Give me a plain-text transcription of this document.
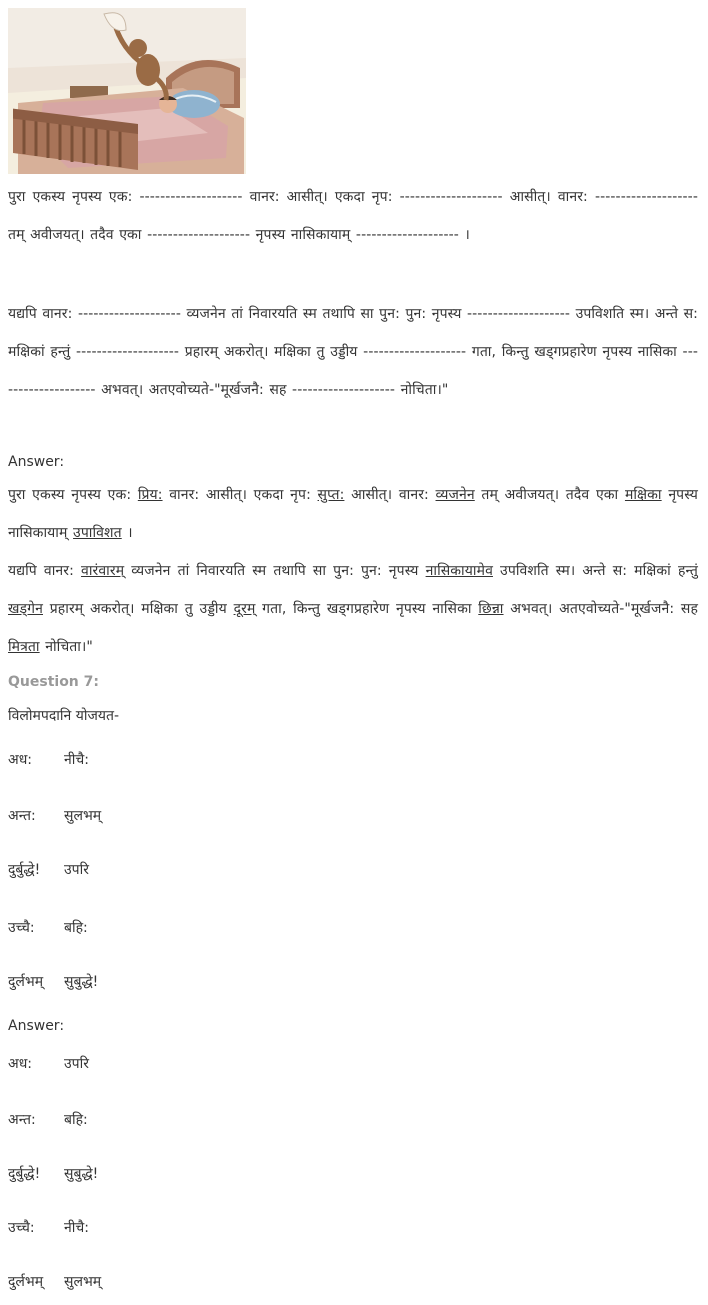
पुरा एकस्य नृपस्य एक: -------------------- वानर: आसीत्। एकदा नृप: -------------------- आसीत्। वानर: -------------------- तम् अवीजयत्। तदैव एका -------------------- नृपस्य नासिकायाम् -------------------- ।
यद्यपि वानर: -------------------- व्यजनेन तां निवारयति स्म तथापि सा पुन: पुन: नृपस्य -------------------- उपविशति स्म। अन्ते स: मक्षिकां हन्तुं -------------------- प्रहारम् अकरोत्। मक्षिका तु उड्डीय -------------------- गता, किन्तु खड्गप्रहारेण नृपस्य नासिका -------------------- अभवत्। अतएवोच्यते-"मूर्खजनै: सह -------------------- नोचिता।"
Answer:
पुरा एकस्य नृपस्य एक: प्रिय: वानर: आसीत्। एकदा नृप: सुप्त: आसीत्। वानर: व्यजनेन तम् अवीजयत्। तदैव एका मक्षिका नृपस्य नासिकायाम् उपाविशत ।
यद्यपि वानर: वारंवारम् व्यजनेन तां निवारयति स्म तथापि सा पुन: पुन: नृपस्य नासिकायामेव उपविशति स्म। अन्ते स: मक्षिकां हन्तुं खड्गेन प्रहारम् अकरोत्। मक्षिका तु उड्डीय दूरम् गता, किन्तु खड्गप्रहारेण नृपस्य नासिका छिन्ना अभवत्। अतएवोच्यते-"मूर्खजनै: सह मित्रता नोचिता।"
Question 7:
विलोमपदानि योजयत-
अध: नीचै:
अन्त: सुलभम्
दुर्बुद्धे! उपरि
उच्चै: बहि:
दुर्लभम् सुबुद्धे!
Answer:
अध: उपरि
अन्त: बहि:
दुर्बुद्धे! सुबुद्धे!
उच्चै: नीचै:
दुर्लभम् सुलभम्
